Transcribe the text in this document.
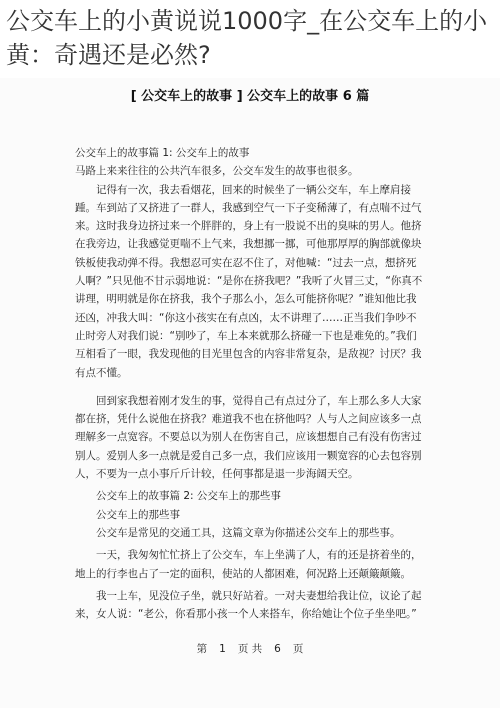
公交车上的小黄说说1000字_在公交车上的小黄：奇遇还是必然?
[ 公交车上的故事 ] 公交车上的故事 6 篇

公交车上的故事篇 1: 公交车上的故事

马路上来来往往的公共汽车很多，公交车发生的故事也很多。

记得有一次，我去看烟花，回来的时候坐了一辆公交车，车上摩肩接踵。车到站了又挤进了一群人，我感到空气一下子变稀薄了，有点喘不过气来。这时我身边挤过来一个胖胖的，身上有一股说不出的臭味的男人。他挤在我旁边，让我感觉更喘不上气来，我想挪一挪，可他那厚厚的胸部就像块铁板使我动弹不得。我想忍可实在忍不住了，对他喊：“过去一点，想挤死人啊？”只见他不甘示弱地说：“是你在挤我吧？”我听了火冒三丈，“你真不讲理，明明就是你在挤我，我个子那么小，怎么可能挤你呢？”谁知他比我还凶，冲我大叫：“你这小孩实在有点凶，太不讲理了……正当我们争吵不止时旁人对我们说：“别吵了，车上本来就那么挤碰一下也是难免的。”我们互相看了一眼，我发现他的目光里包含的内容非常复杂，是敌视？讨厌？我有点不懂。

回到家我想着刚才发生的事，觉得自己有点过分了，车上那么多人大家都在挤，凭什么说他在挤我？难道我不也在挤他吗？人与人之间应该多一点理解多一点宽容。不要总以为别人在伤害自己，应该想想自己有没有伤害过别人。爱别人多一点就是爱自己多一点，我们应该用一颗宽容的心去包容别人，不要为一点小事斤斤计较，任何事都是退一步海阔天空。

公交车上的故事篇 2: 公交车上的那些事

公交车上的那些事

公交车是常见的交通工具，这篇文章为你描述公交车上的那些事。

一天，我匆匆忙忙挤上了公交车，车上坐满了人，有的还是挤着坐的，地上的行李也占了一定的面积，使站的人都困难，何况路上还颠簸颠簸。

我一上车，见没位子坐，就只好站着。一对夫妻想给我让位，议论了起来，女人说：“老公，你看那小孩一个人来搭车，你给她让个位子坐坐吧。”

第 1 页 共 6 页
